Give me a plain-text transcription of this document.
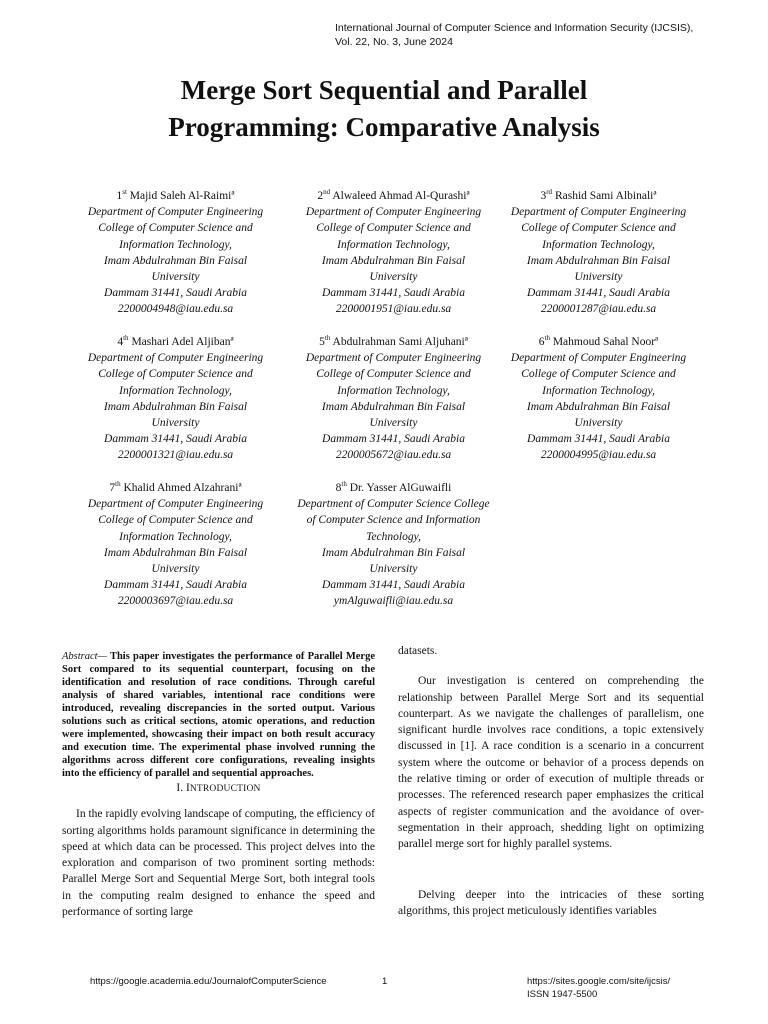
International Journal of Computer Science and Information Security (IJCSIS),
Vol. 22, No. 3, June 2024
Merge Sort Sequential and Parallel
Programming: Comparative Analysis
1st Majid Saleh Al-Raimiª
Department of Computer Engineering
College of Computer Science and
Information Technology,
Imam Abdulrahman Bin Faisal
University
Dammam 31441, Saudi Arabia
2200004948@iau.edu.sa
2nd Alwaleed Ahmad Al-Qurashiª
Department of Computer Engineering
College of Computer Science and
Information Technology,
Imam Abdulrahman Bin Faisal
University
Dammam 31441, Saudi Arabia
2200001951@iau.edu.sa
3rd Rashid Sami Albinaliª
Department of Computer Engineering
College of Computer Science and
Information Technology,
Imam Abdulrahman Bin Faisal
University
Dammam 31441, Saudi Arabia
2200001287@iau.edu.sa
4th Mashari Adel Aljibanª
Department of Computer Engineering
College of Computer Science and
Information Technology,
Imam Abdulrahman Bin Faisal
University
Dammam 31441, Saudi Arabia
2200001321@iau.edu.sa
5th Abdulrahman Sami Aljuhaniª
Department of Computer Engineering
College of Computer Science and
Information Technology,
Imam Abdulrahman Bin Faisal
University
Dammam 31441, Saudi Arabia
2200005672@iau.edu.sa
6th Mahmoud Sahal Noorª
Department of Computer Engineering
College of Computer Science and
Information Technology,
Imam Abdulrahman Bin Faisal
University
Dammam 31441, Saudi Arabia
2200004995@iau.edu.sa
7th Khalid Ahmed Alzahraniª
Department of Computer Engineering
College of Computer Science and
Information Technology,
Imam Abdulrahman Bin Faisal
University
Dammam 31441, Saudi Arabia
2200003697@iau.edu.sa
8th Dr. Yasser AlGuwaifli
Department of Computer Science College
of Computer Science and Information
Technology,
Imam Abdulrahman Bin Faisal
University
Dammam 31441, Saudi Arabia
ymAlguwaifli@iau.edu.sa

Abstract— This paper investigates the performance of Parallel Merge Sort compared to its sequential counterpart, focusing on the identification and resolution of race conditions. Through careful analysis of shared variables, intentional race conditions were introduced, revealing discrepancies in the sorted output. Various solutions such as critical sections, atomic operations, and reduction were implemented, showcasing their impact on both result accuracy and execution time. The experimental phase involved running the algorithms across different core configurations, revealing insights into the efficiency of parallel and sequential approaches.

I. INTRODUCTION

In the rapidly evolving landscape of computing, the efficiency of sorting algorithms holds paramount significance in determining the speed at which data can be processed. This project delves into the exploration and comparison of two prominent sorting methods: Parallel Merge Sort and Sequential Merge Sort, both integral tools in the computing realm designed to enhance the speed and performance of sorting large

datasets.

Our investigation is centered on comprehending the relationship between Parallel Merge Sort and its sequential counterpart. As we navigate the challenges of parallelism, one significant hurdle involves race conditions, a topic extensively discussed in [1]. A race condition is a scenario in a concurrent system where the outcome or behavior of a process depends on the relative timing or order of execution of multiple threads or processes. The referenced research paper emphasizes the critical aspects of register communication and the avoidance of over-segmentation in their approach, shedding light on optimizing parallel merge sort for highly parallel systems.

Delving deeper into the intricacies of these sorting algorithms, this project meticulously identifies variables

https://google.academia.edu/JournalofComputerScience	1	https://sites.google.com/site/ijcsis/
ISSN 1947-5500
